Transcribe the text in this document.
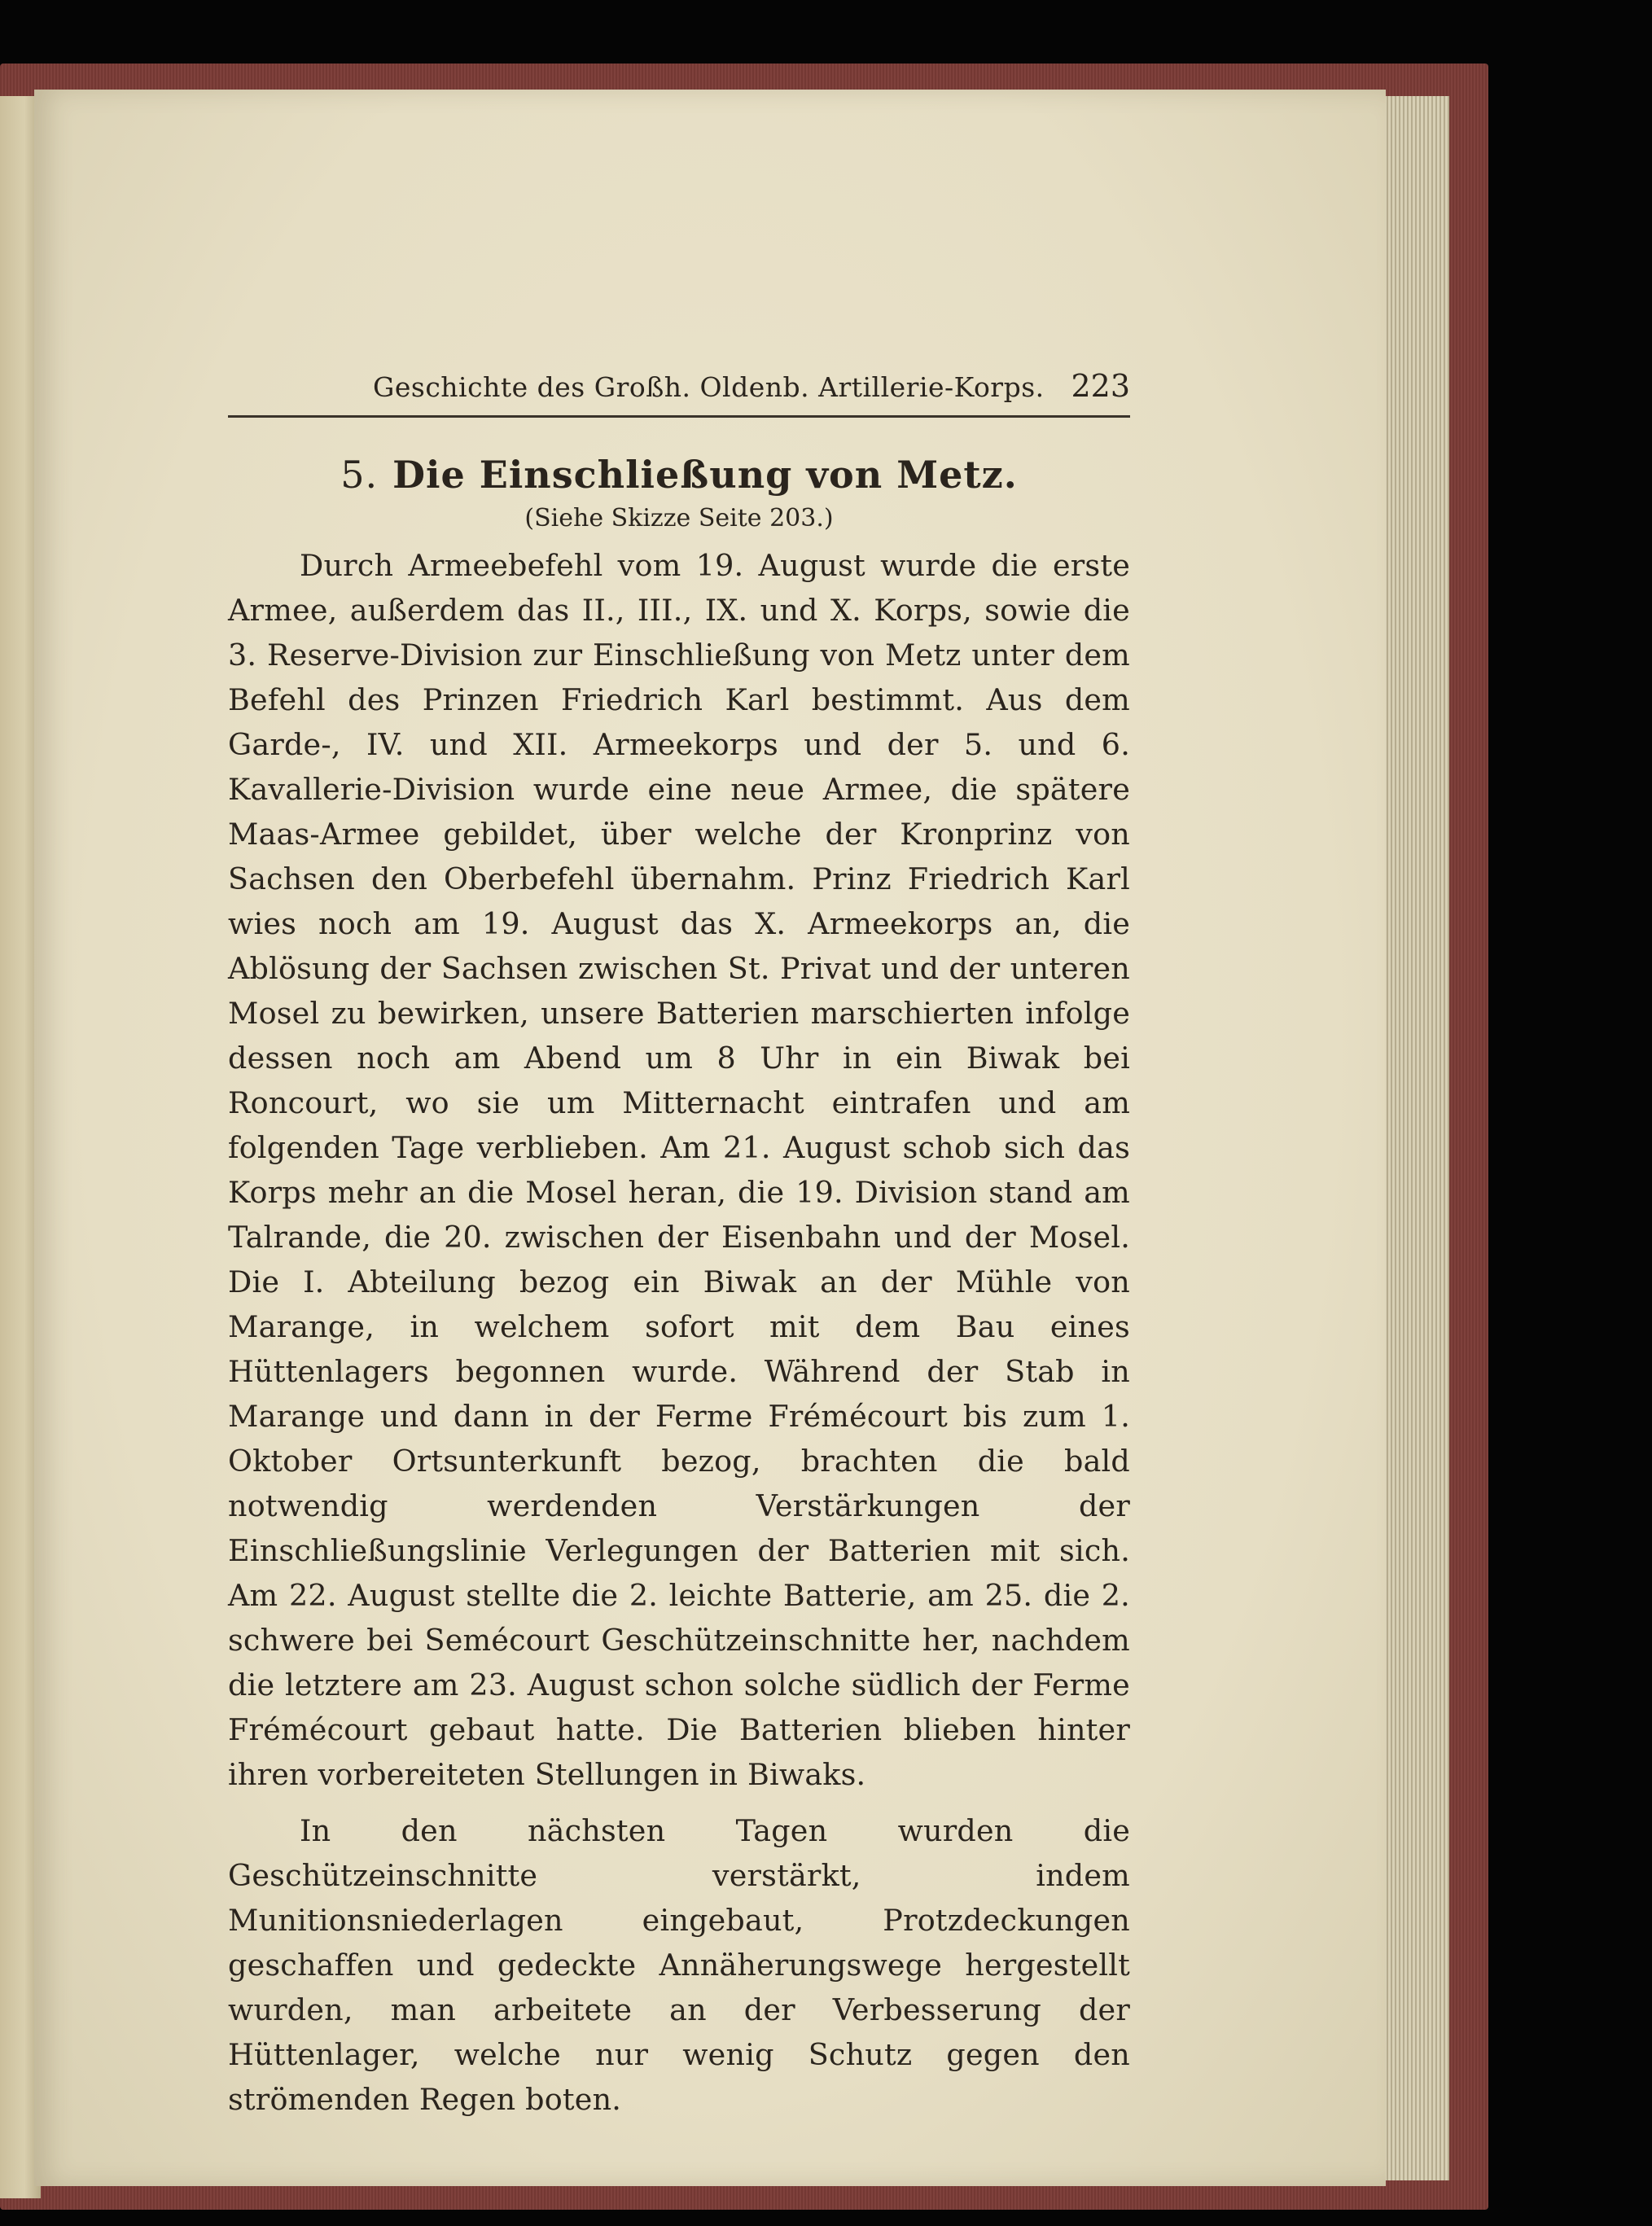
Geschichte des Großh. Oldenb. Artillerie-Korps. 223
5. Die Einschließung von Metz.
(Siehe Skizze Seite 203.)

Durch Armeebefehl vom 19. August wurde die erste Armee, außerdem das II., III., IX. und X. Korps, sowie die 3. Reserve-Division zur Einschließung von Metz unter dem Befehl des Prinzen Friedrich Karl bestimmt. Aus dem Garde-, IV. und XII. Armeekorps und der 5. und 6. Kavallerie-Division wurde eine neue Armee, die spätere Maas-Armee gebildet, über welche der Kronprinz von Sachsen den Oberbefehl übernahm. Prinz Friedrich Karl wies noch am 19. August das X. Armeekorps an, die Ablösung der Sachsen zwischen St. Privat und der unteren Mosel zu bewirken, unsere Batterien marschierten infolge dessen noch am Abend um 8 Uhr in ein Biwak bei Roncourt, wo sie um Mitternacht eintrafen und am folgenden Tage verblieben. Am 21. August schob sich das Korps mehr an die Mosel heran, die 19. Division stand am Talrande, die 20. zwischen der Eisenbahn und der Mosel. Die I. Abteilung bezog ein Biwak an der Mühle von Marange, in welchem sofort mit dem Bau eines Hüttenlagers begonnen wurde. Während der Stab in Marange und dann in der Ferme Frémécourt bis zum 1. Oktober Ortsunterkunft bezog, brachten die bald notwendig werdenden Verstärkungen der Einschließungslinie Verlegungen der Batterien mit sich. Am 22. August stellte die 2. leichte Batterie, am 25. die 2. schwere bei Semécourt Geschützeinschnitte her, nachdem die letztere am 23. August schon solche südlich der Ferme Frémécourt gebaut hatte. Die Batterien blieben hinter ihren vorbereiteten Stellungen in Biwaks.

In den nächsten Tagen wurden die Geschützeinschnitte verstärkt, indem Munitionsniederlagen eingebaut, Protzdeckungen geschaffen und gedeckte Annäherungswege hergestellt wurden, man arbeitete an der Verbesserung der Hüttenlager, welche nur wenig Schutz gegen den strömenden Regen boten.
